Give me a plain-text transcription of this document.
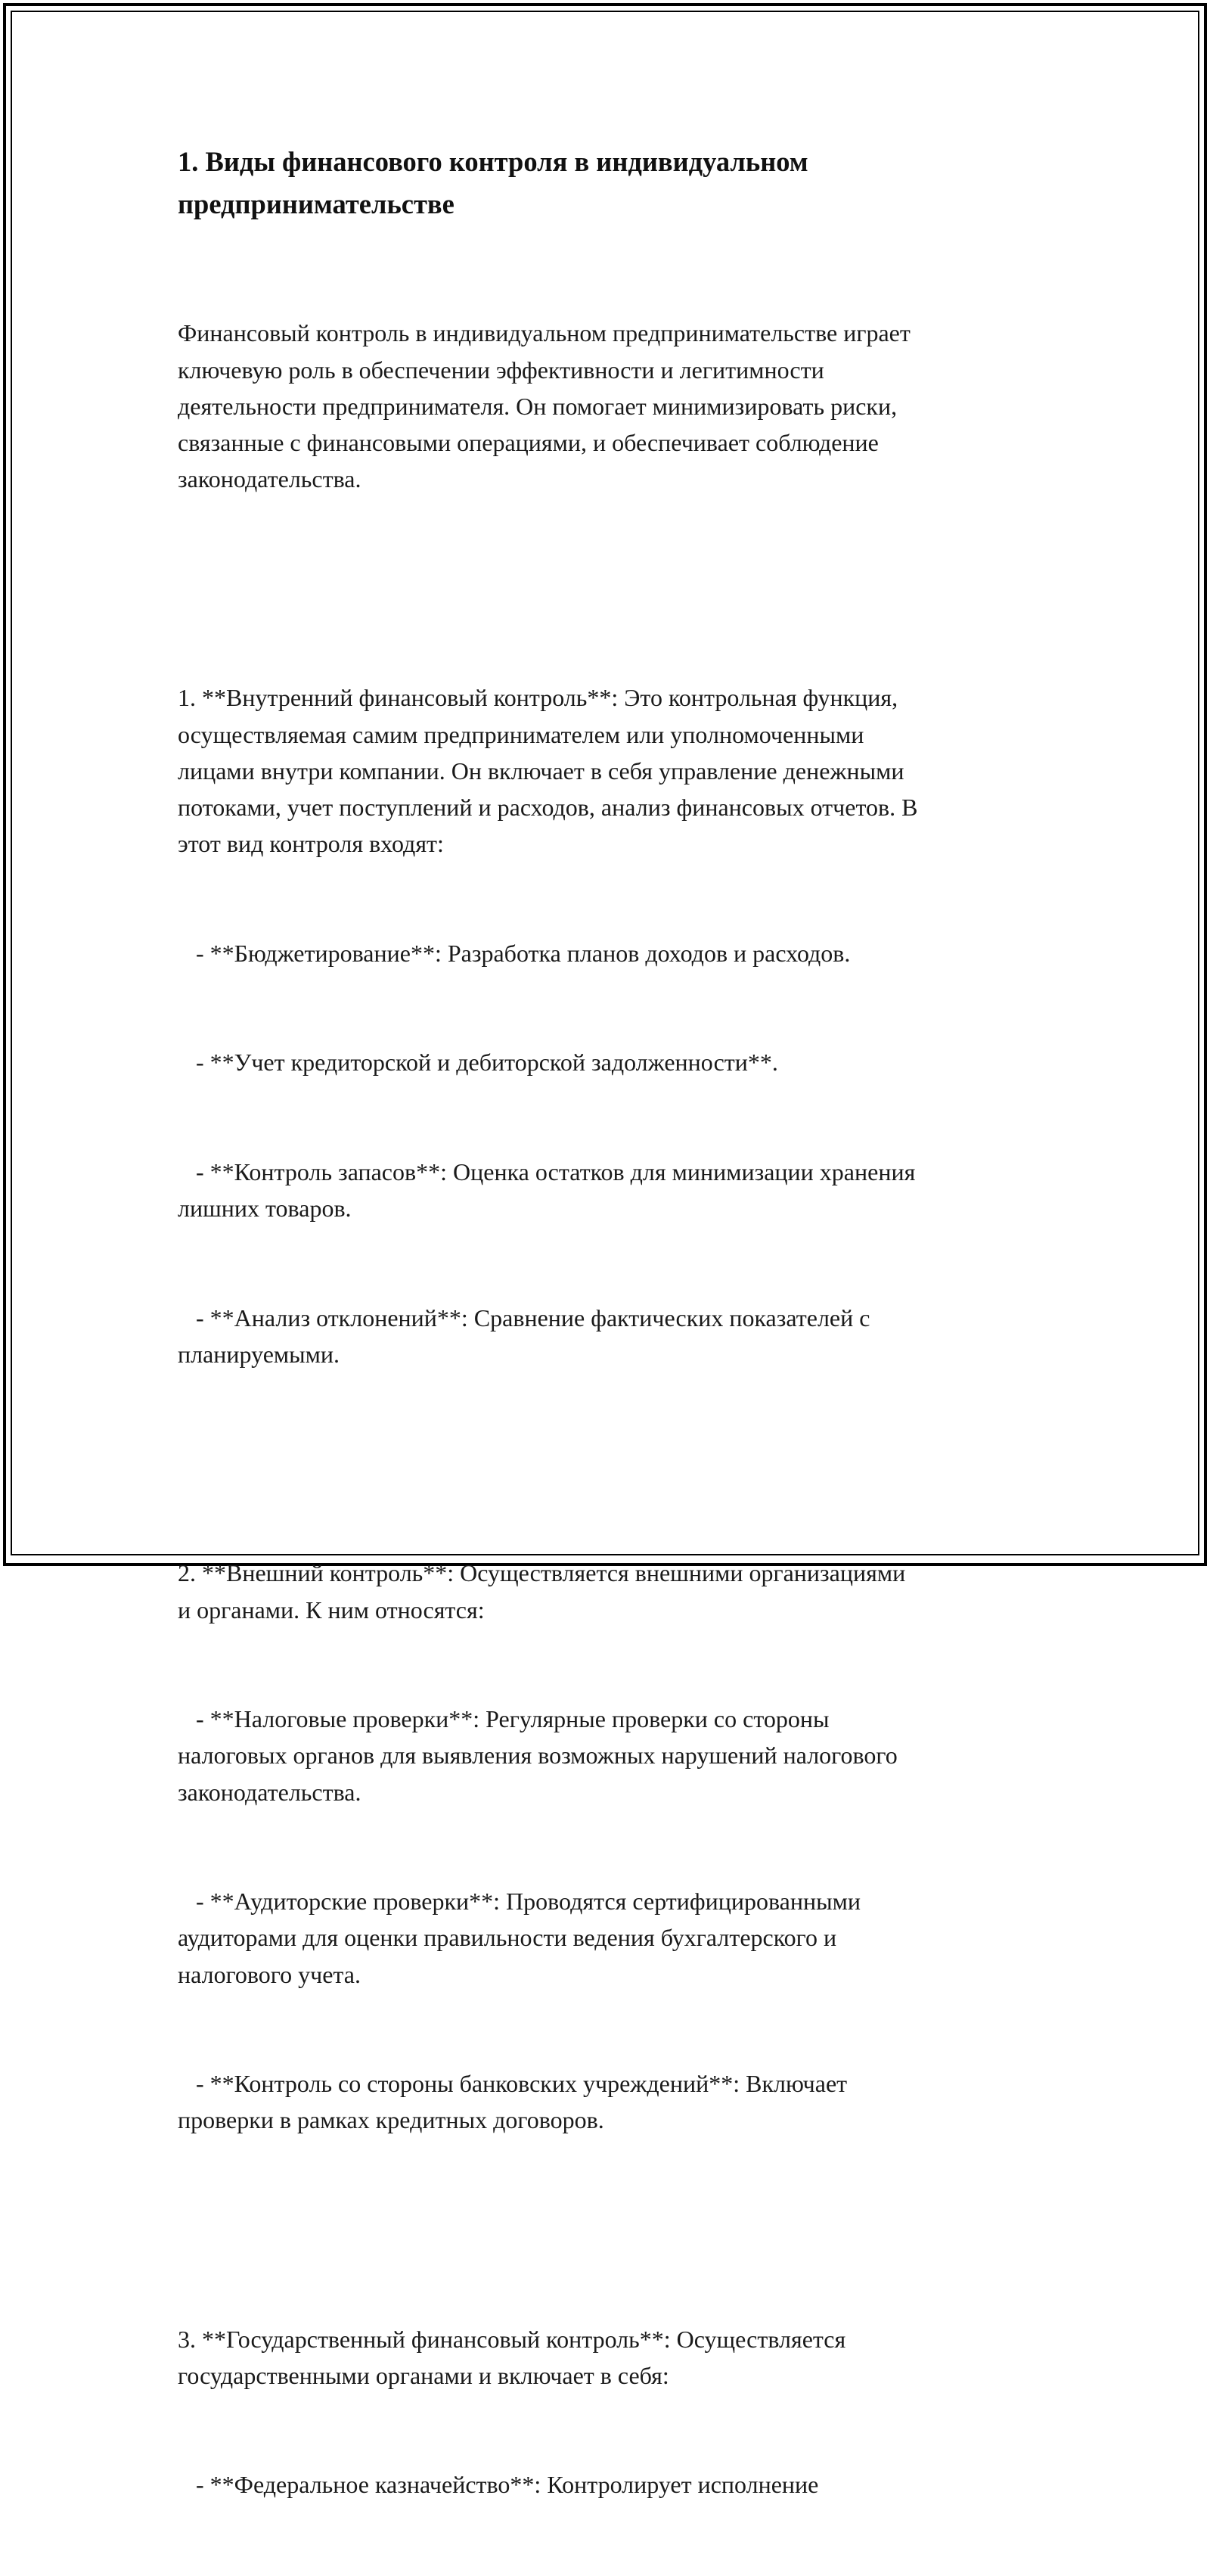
1. Виды финансового контроля в индивидуальном
предпринимательстве

Финансовый контроль в индивидуальном предпринимательстве играет
ключевую роль в обеспечении эффективности и легитимности
деятельности предпринимателя. Он помогает минимизировать риски,
связанные с финансовыми операциями, и обеспечивает соблюдение
законодательства.

1. **Внутренний финансовый контроль**: Это контрольная функция,
осуществляемая самим предпринимателем или уполномоченными
лицами внутри компании. Он включает в себя управление денежными
потоками, учет поступлений и расходов, анализ финансовых отчетов. В
этот вид контроля входят:

- **Бюджетирование**: Разработка планов доходов и расходов.

- **Учет кредиторской и дебиторской задолженности**.

- **Контроль запасов**: Оценка остатков для минимизации хранения
лишних товаров.

- **Анализ отклонений**: Сравнение фактических показателей с
планируемыми.

2. **Внешний контроль**: Осуществляется внешними организациями
и органами. К ним относятся:

- **Налоговые проверки**: Регулярные проверки со стороны
налоговых органов для выявления возможных нарушений налогового
законодательства.

- **Аудиторские проверки**: Проводятся сертифицированными
аудиторами для оценки правильности ведения бухгалтерского и
налогового учета.

- **Контроль со стороны банковских учреждений**: Включает
проверки в рамках кредитных договоров.

3. **Государственный финансовый контроль**: Осуществляется
государственными органами и включает в себя:

- **Федеральное казначейство**: Контролирует исполнение
